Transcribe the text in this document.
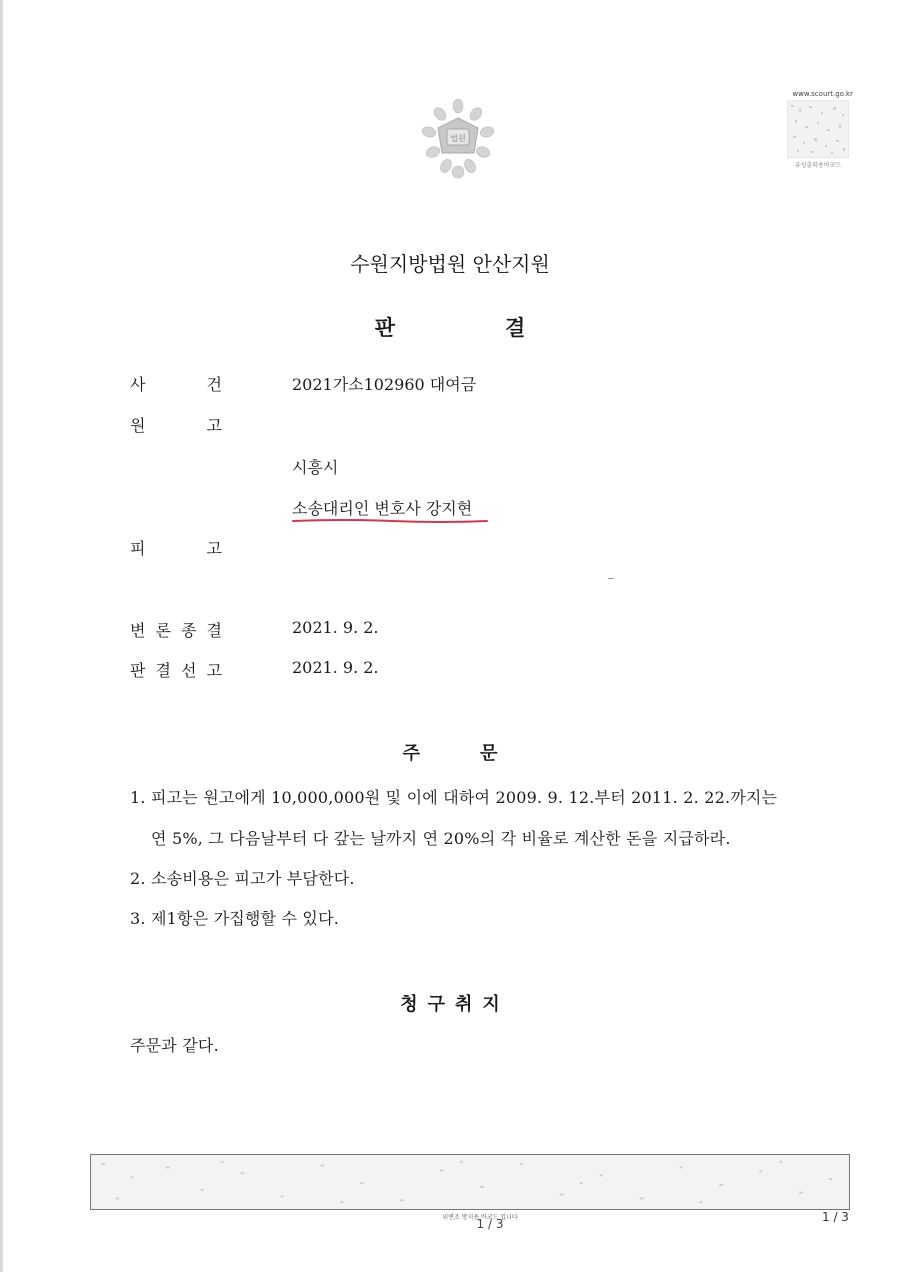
법원
www.scourt.go.kr
유성출력용바코드
수원지방법원 안산지원
판결
사	건	2021가소102960 대여금
원	고
시흥시
소송대리인 변호사 강지현
피	고
변 론 종 결	2021. 9. 2.
판 결 선 고	2021. 9. 2.
주문
1. 피고는 원고에게 10,000,000원 및 이에 대하여 2009. 9. 12.부터 2011. 2. 22.까지는
연 5%, 그 다음날부터 다 갚는 날까지 연 20%의 각 비율로 계산한 돈을 지급하라.
2. 소송비용은 피고가 부담한다.
3. 제1항은 가집행할 수 있다.
청구취지
주문과 같다.
위변조 방지용 바코드 입니다
1 / 3	1 / 3
